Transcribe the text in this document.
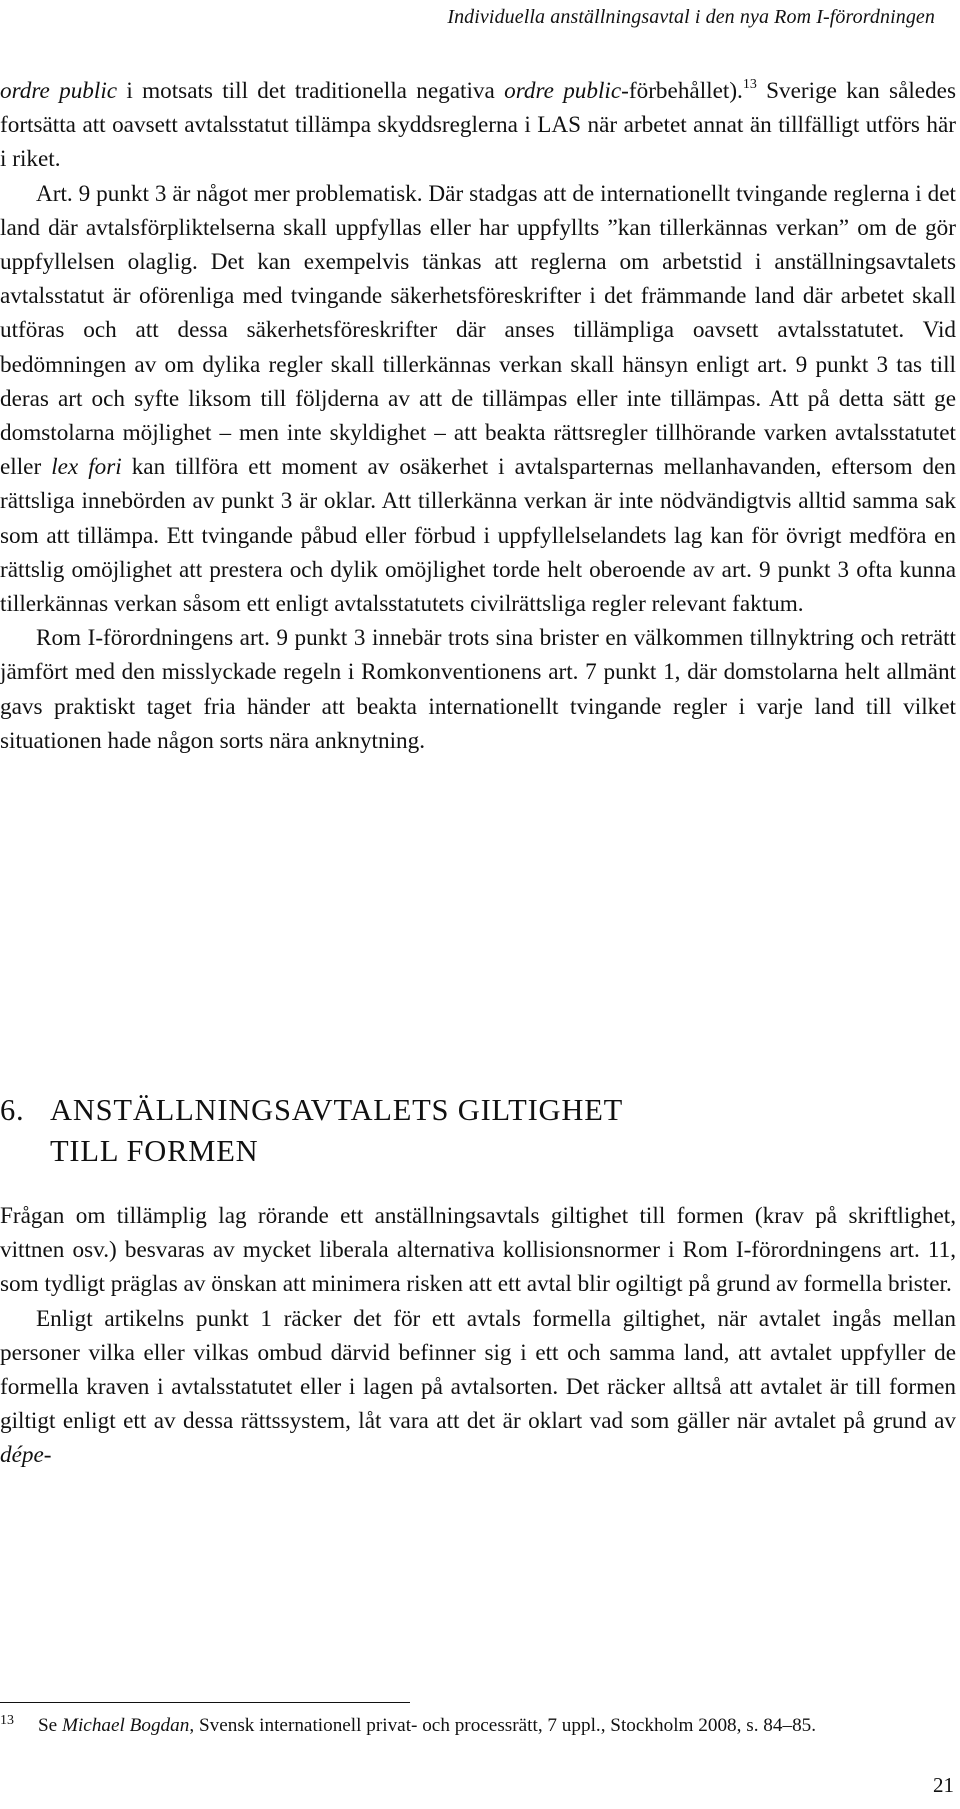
Individuella anställningsavtal i den nya Rom I-förordningen

ordre public i motsats till det traditionella negativa ordre public-förbehållet).$^{13}$ Sverige kan således fortsätta att oavsett avtalsstatut tillämpa skyddsreglerna i LAS när arbetet annat än tillfälligt utförs här i riket.

Art. 9 punkt 3 är något mer problematisk. Där stadgas att de internationellt tvingande reglerna i det land där avtalsförpliktelserna skall uppfyllas eller har uppfyllts ”kan tillerkännas verkan” om de gör uppfyllelsen olaglig. Det kan exempelvis tänkas att reglerna om arbetstid i anställningsavtalets avtalsstatut är oförenliga med tvingande säkerhetsföreskrifter i det främmande land där arbetet skall utföras och att dessa säkerhetsföreskrifter där anses tillämpliga oavsett avtalsstatutet. Vid bedömningen av om dylika regler skall tillerkännas verkan skall hänsyn enligt art. 9 punkt 3 tas till deras art och syfte liksom till följderna av att de tillämpas eller inte tillämpas. Att på detta sätt ge domstolarna möjlighet – men inte skyldighet – att beakta rättsregler tillhörande varken avtalsstatutet eller lex fori kan tillföra ett moment av osäkerhet i avtalsparternas mellanhavanden, eftersom den rättsliga innebörden av punkt 3 är oklar. Att tillerkänna verkan är inte nödvändigtvis alltid samma sak som att tillämpa. Ett tvingande påbud eller förbud i uppfyllelselandets lag kan för övrigt medföra en rättslig omöjlighet att prestera och dylik omöjlighet torde helt oberoende av art. 9 punkt 3 ofta kunna tillerkännas verkan såsom ett enligt avtalsstatutets civilrättsliga regler relevant faktum.

Rom I-förordningens art. 9 punkt 3 innebär trots sina brister en välkommen tillnyktring och reträtt jämfört med den misslyckade regeln i Romkonventionens art. 7 punkt 1, där domstolarna helt allmänt gavs praktiskt taget fria händer att beakta internationellt tvingande regler i varje land till vilket situationen hade någon sorts nära anknytning.

6. ANSTÄLLNINGSAVTALETS GILTIGHET
TILL FORMEN

Frågan om tillämplig lag rörande ett anställningsavtals giltighet till formen (krav på skriftlighet, vittnen osv.) besvaras av mycket liberala alternativa kollisionsnormer i Rom I-förordningens art. 11, som tydligt präglas av önskan att minimera risken att ett avtal blir ogiltigt på grund av formella brister.

Enligt artikelns punkt 1 räcker det för ett avtals formella giltighet, när avtalet ingås mellan personer vilka eller vilkas ombud därvid befinner sig i ett och samma land, att avtalet uppfyller de formella kraven i avtalsstatutet eller i lagen på avtalsorten. Det räcker alltså att avtalet är till formen giltigt enligt ett av dessa rättssystem, låt vara att det är oklart vad som gäller när avtalet på grund av dépe-

13	Se Michael Bogdan, Svensk internationell privat- och processrätt, 7 uppl., Stockholm 2008, s. 84–85.
21
